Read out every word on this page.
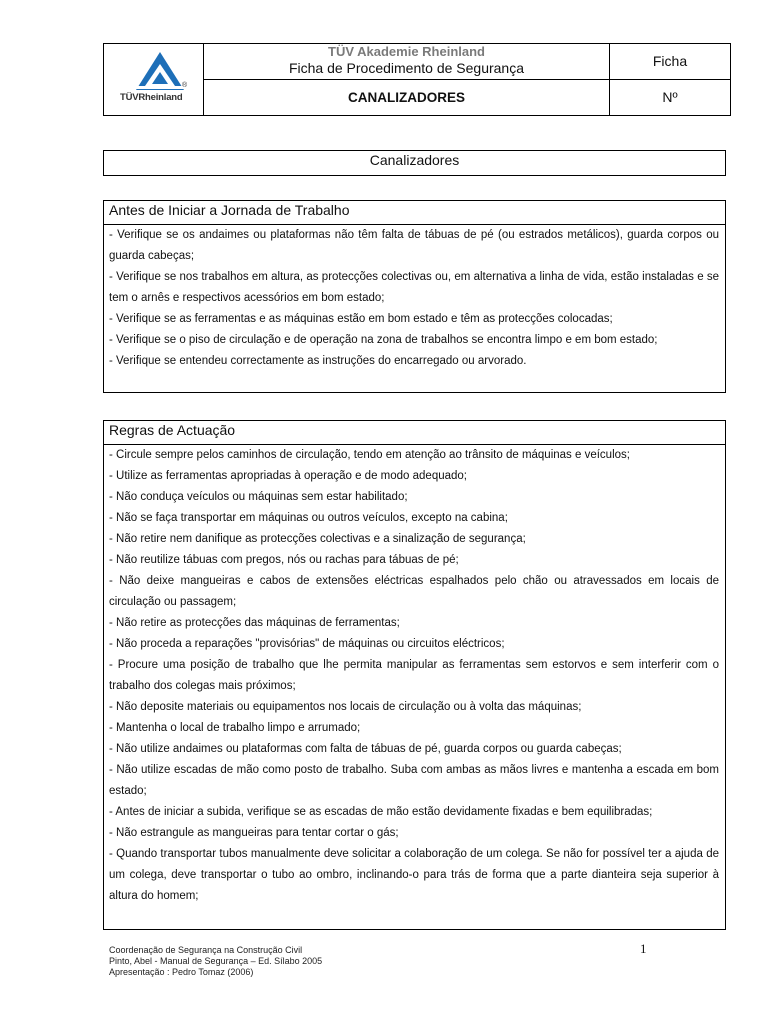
®
TÜVRheinland
TÜV Akademie Rheinland
Ficha de Procedimento de Segurança	Ficha
CANALIZADORES	Nº
Canalizadores
Antes de Iniciar a Jornada de Trabalho
- Verifique se os andaimes ou plataformas não têm falta de tábuas de pé (ou estrados metálicos), guarda corpos ou guarda cabeças;
- Verifique se nos trabalhos em altura, as protecções colectivas ou, em alternativa a linha de vida, estão instaladas e se tem o arnês e respectivos acessórios em bom estado;
- Verifique se as ferramentas e as máquinas estão em bom estado e têm as protecções colocadas;
- Verifique se o piso de circulação e de operação na zona de trabalhos se encontra limpo e em bom estado;
- Verifique se entendeu correctamente as instruções do encarregado ou arvorado.
Regras de Actuação
- Circule sempre pelos caminhos de circulação, tendo em atenção ao trânsito de máquinas e veículos;
- Utilize as ferramentas apropriadas à operação e de modo adequado;
- Não conduça veículos ou máquinas sem estar habilitado;
- Não se faça transportar em máquinas ou outros veículos, excepto na cabina;
- Não retire nem danifique as protecções colectivas e a sinalização de segurança;
- Não reutilize tábuas com pregos, nós ou rachas para tábuas de pé;
- Não deixe mangueiras e cabos de extensões eléctricas espalhados pelo chão ou atravessados em locais de circulação ou passagem;
- Não retire as protecções das máquinas de ferramentas;
- Não proceda a reparações "provisórias" de máquinas ou circuitos eléctricos;
- Procure uma posição de trabalho que lhe permita manipular as ferramentas sem estorvos e sem interferir com o trabalho dos colegas mais próximos;
- Não deposite materiais ou equipamentos nos locais de circulação ou à volta das máquinas;
- Mantenha o local de trabalho limpo e arrumado;
- Não utilize andaimes ou plataformas com falta de tábuas de pé, guarda corpos ou guarda cabeças;
- Não utilize escadas de mão como posto de trabalho. Suba com ambas as mãos livres e mantenha a escada em bom estado;
- Antes de iniciar a subida, verifique se as escadas de mão estão devidamente fixadas e bem equilibradas;
- Não estrangule as mangueiras para tentar cortar o gás;
- Quando transportar tubos manualmente deve solicitar a colaboração de um colega. Se não for possível ter a ajuda de um colega, deve transportar o tubo ao ombro, inclinando-o para trás de forma que a parte dianteira seja superior à altura do homem;
Coordenação de Segurança na Construção Civil
Pinto, Abel - Manual de Segurança – Ed. Sílabo 2005
Apresentação : Pedro Tomaz (2006)
1
